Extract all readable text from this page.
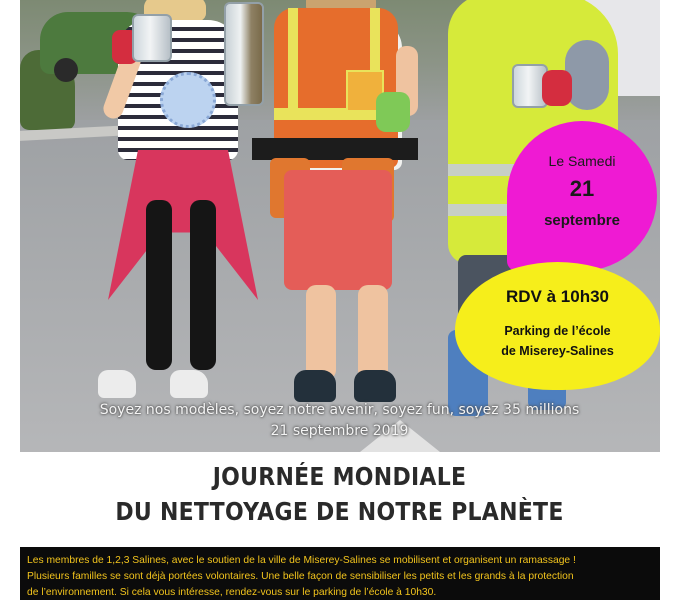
Soyez nos modèles, soyez notre avenir, soyez fun, soyez 35 millions
21 septembre 2019
Le Samedi
21
septembre
RDV à 10h30
Parking de l’école
de Miserey-Salines
JOURNÉE MONDIALE
DU NETTOYAGE DE NOTRE PLANÈTE
Les membres de 1,2,3 Salines, avec le soutien de la ville de Miserey-Salines se mobilisent et organisent un ramassage !
Plusieurs familles se sont déjà portées volontaires. Une belle façon de sensibiliser les petits et les grands à la protection
de l’environnement. Si cela vous intéresse, rendez-vous sur le parking de l’école à 10h30.
